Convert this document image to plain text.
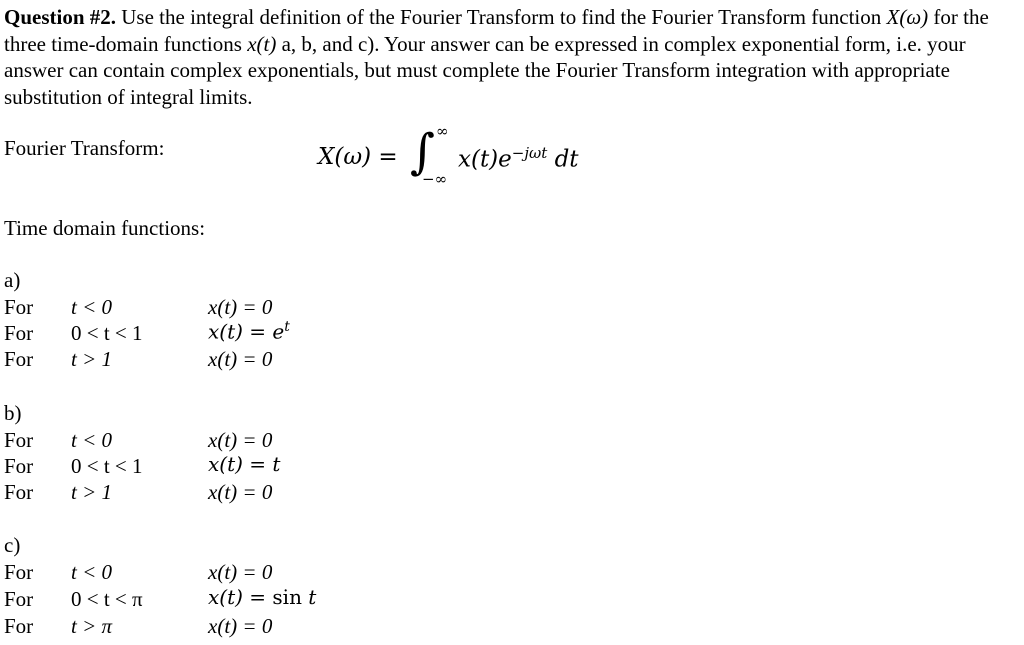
Question #2. Use the integral definition of the Fourier Transform to find the Fourier Transform function X(ω) for the three time-domain functions x(t) a, b, and c). Your answer can be expressed in complex exponential form, i.e. your answer can contain complex exponentials, but must complete the Fourier Transform integration with appropriate substitution of integral limits.
Fourier Transform:	X(ω) = ∫ ∞
−∞
$x(t)e^{-j\omega t}$ dt
Time domain functions:
a)
For t < 0	x(t) = 0
For 0 < t < 1	$x(t) = e^t$
For t > 1	x(t) = 0
b)
For t < 0	x(t) = 0
For 0 < t < 1	x(t) = t
For t > 1	x(t) = 0
c)
For t < 0	x(t) = 0
For 0 < t < π	x(t) = sin t
For t > π	x(t) = 0
